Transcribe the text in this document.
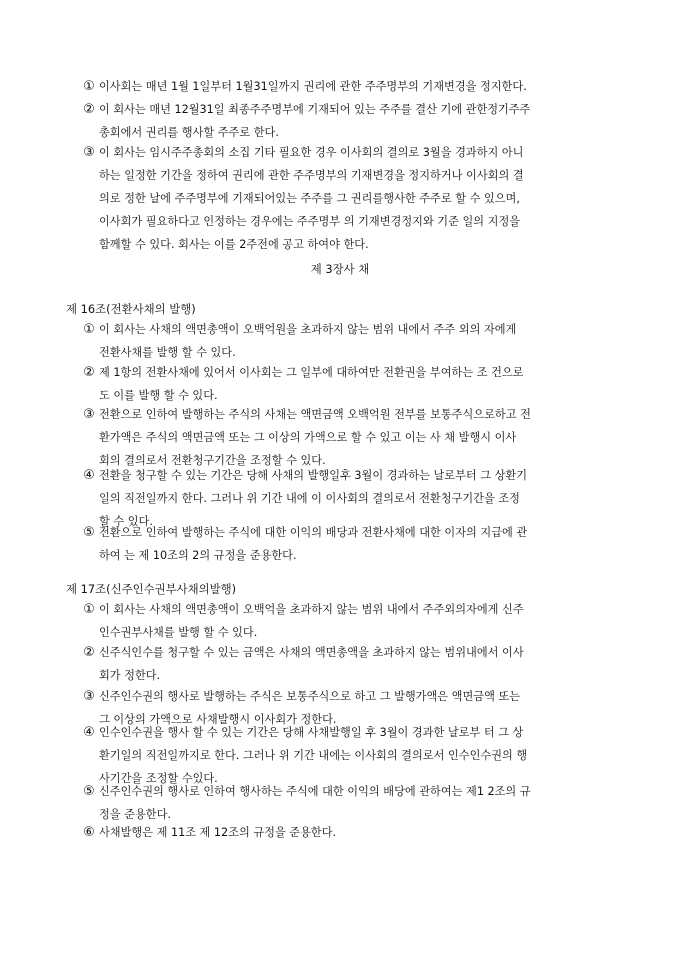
① 이사회는 매년 1월 1일부터 1월31일까지 권리에 관한 주주명부의 기재변경을 정지한다.
② 이 회사는 매년 12월31일 최종주주명부에 기재되어 있는 주주를 결산 기에 관한정기주주
총회에서 권리를 행사할 주주로 한다.
③ 이 회사는 임시주주총회의 소집 기타 필요한 경우 이사회의 결의로 3월을 경과하지 아니
하는 일정한 기간을 정하여 권리에 관한 주주명부의 기재변경을 정지하거나 이사회의 결
의로 정한 날에 주주명부에 기재되어있는 주주를 그 권리를행사한 주주로 할 수 있으며,
이사회가 필요하다고 인정하는 경우에는 주주명부 의 기재변경정지와 기준 일의 지정을
함께할 수 있다. 회사는 이를 2주전에 공고 하여야 한다.
제 3장사 채
제 16조(전환사채의 발행)
① 이 회사는 사채의 액면총액이 오백억원을 초과하지 않는 범위 내에서 주주 외의 자에게
전환사채를 발행 할 수 있다.
② 제 1항의 전환사채에 있어서 이사회는 그 일부에 대하여만 전환권을 부여하는 조 건으로
도 이를 발행 할 수 있다.
③ 전환으로 인하여 발행하는 주식의 사채는 액면금액 오백억원 전부를 보통주식으로하고 전
환가액은 주식의 액면금액 또는 그 이상의 가액으로 할 수 있고 이는 사 채 발행시 이사
회의 결의로서 전환청구기간을 조정할 수 있다.
④ 전환을 청구할 수 있는 기간은 당해 사채의 발행일후 3월이 경과하는 날로부터 그 상환기
일의 직전일까지 한다. 그러나 위 기간 내에 이 이사회의 결의로서 전환청구기간을 조정
할 수 있다.
⑤ 전환으로 인하여 발행하는 주식에 대한 이익의 배당과 전환사채에 대한 이자의 지급에 관
하여 는 제 10조의 2의 규정을 준용한다.
제 17조(신주인수권부사채의발행)
① 이 회사는 사채의 액면총액이 오백억을 초과하지 않는 범위 내에서 주주외의자에게 신주
인수권부사채를 발행 할 수 있다.
② 신주식인수를 청구할 수 있는 금액은 사채의 액면총액을 초과하지 않는 범위내에서 이사
회가 정한다.
③ 신주인수권의 행사로 발행하는 주식은 보통주식으로 하고 그 발행가액은 액면금액 또는
그 이상의 가액으로 사채발행시 이사회가 정한다.
④ 인수인수권을 행사 할 수 있는 기간은 당해 사채발행일 후 3월이 경과한 날로부 터 그 상
환기일의 직전일까지로 한다. 그러나 위 기간 내에는 이사회의 결의로서 인수인수권의 행
사기간을 조정할 수있다.
⑤ 신주인수권의 행사로 인하여 행사하는 주식에 대한 이익의 배당에 관하여는 제1 2조의 규
정을 준용한다.
⑥ 사채발행은 제 11조 제 12조의 규정을 준용한다.
